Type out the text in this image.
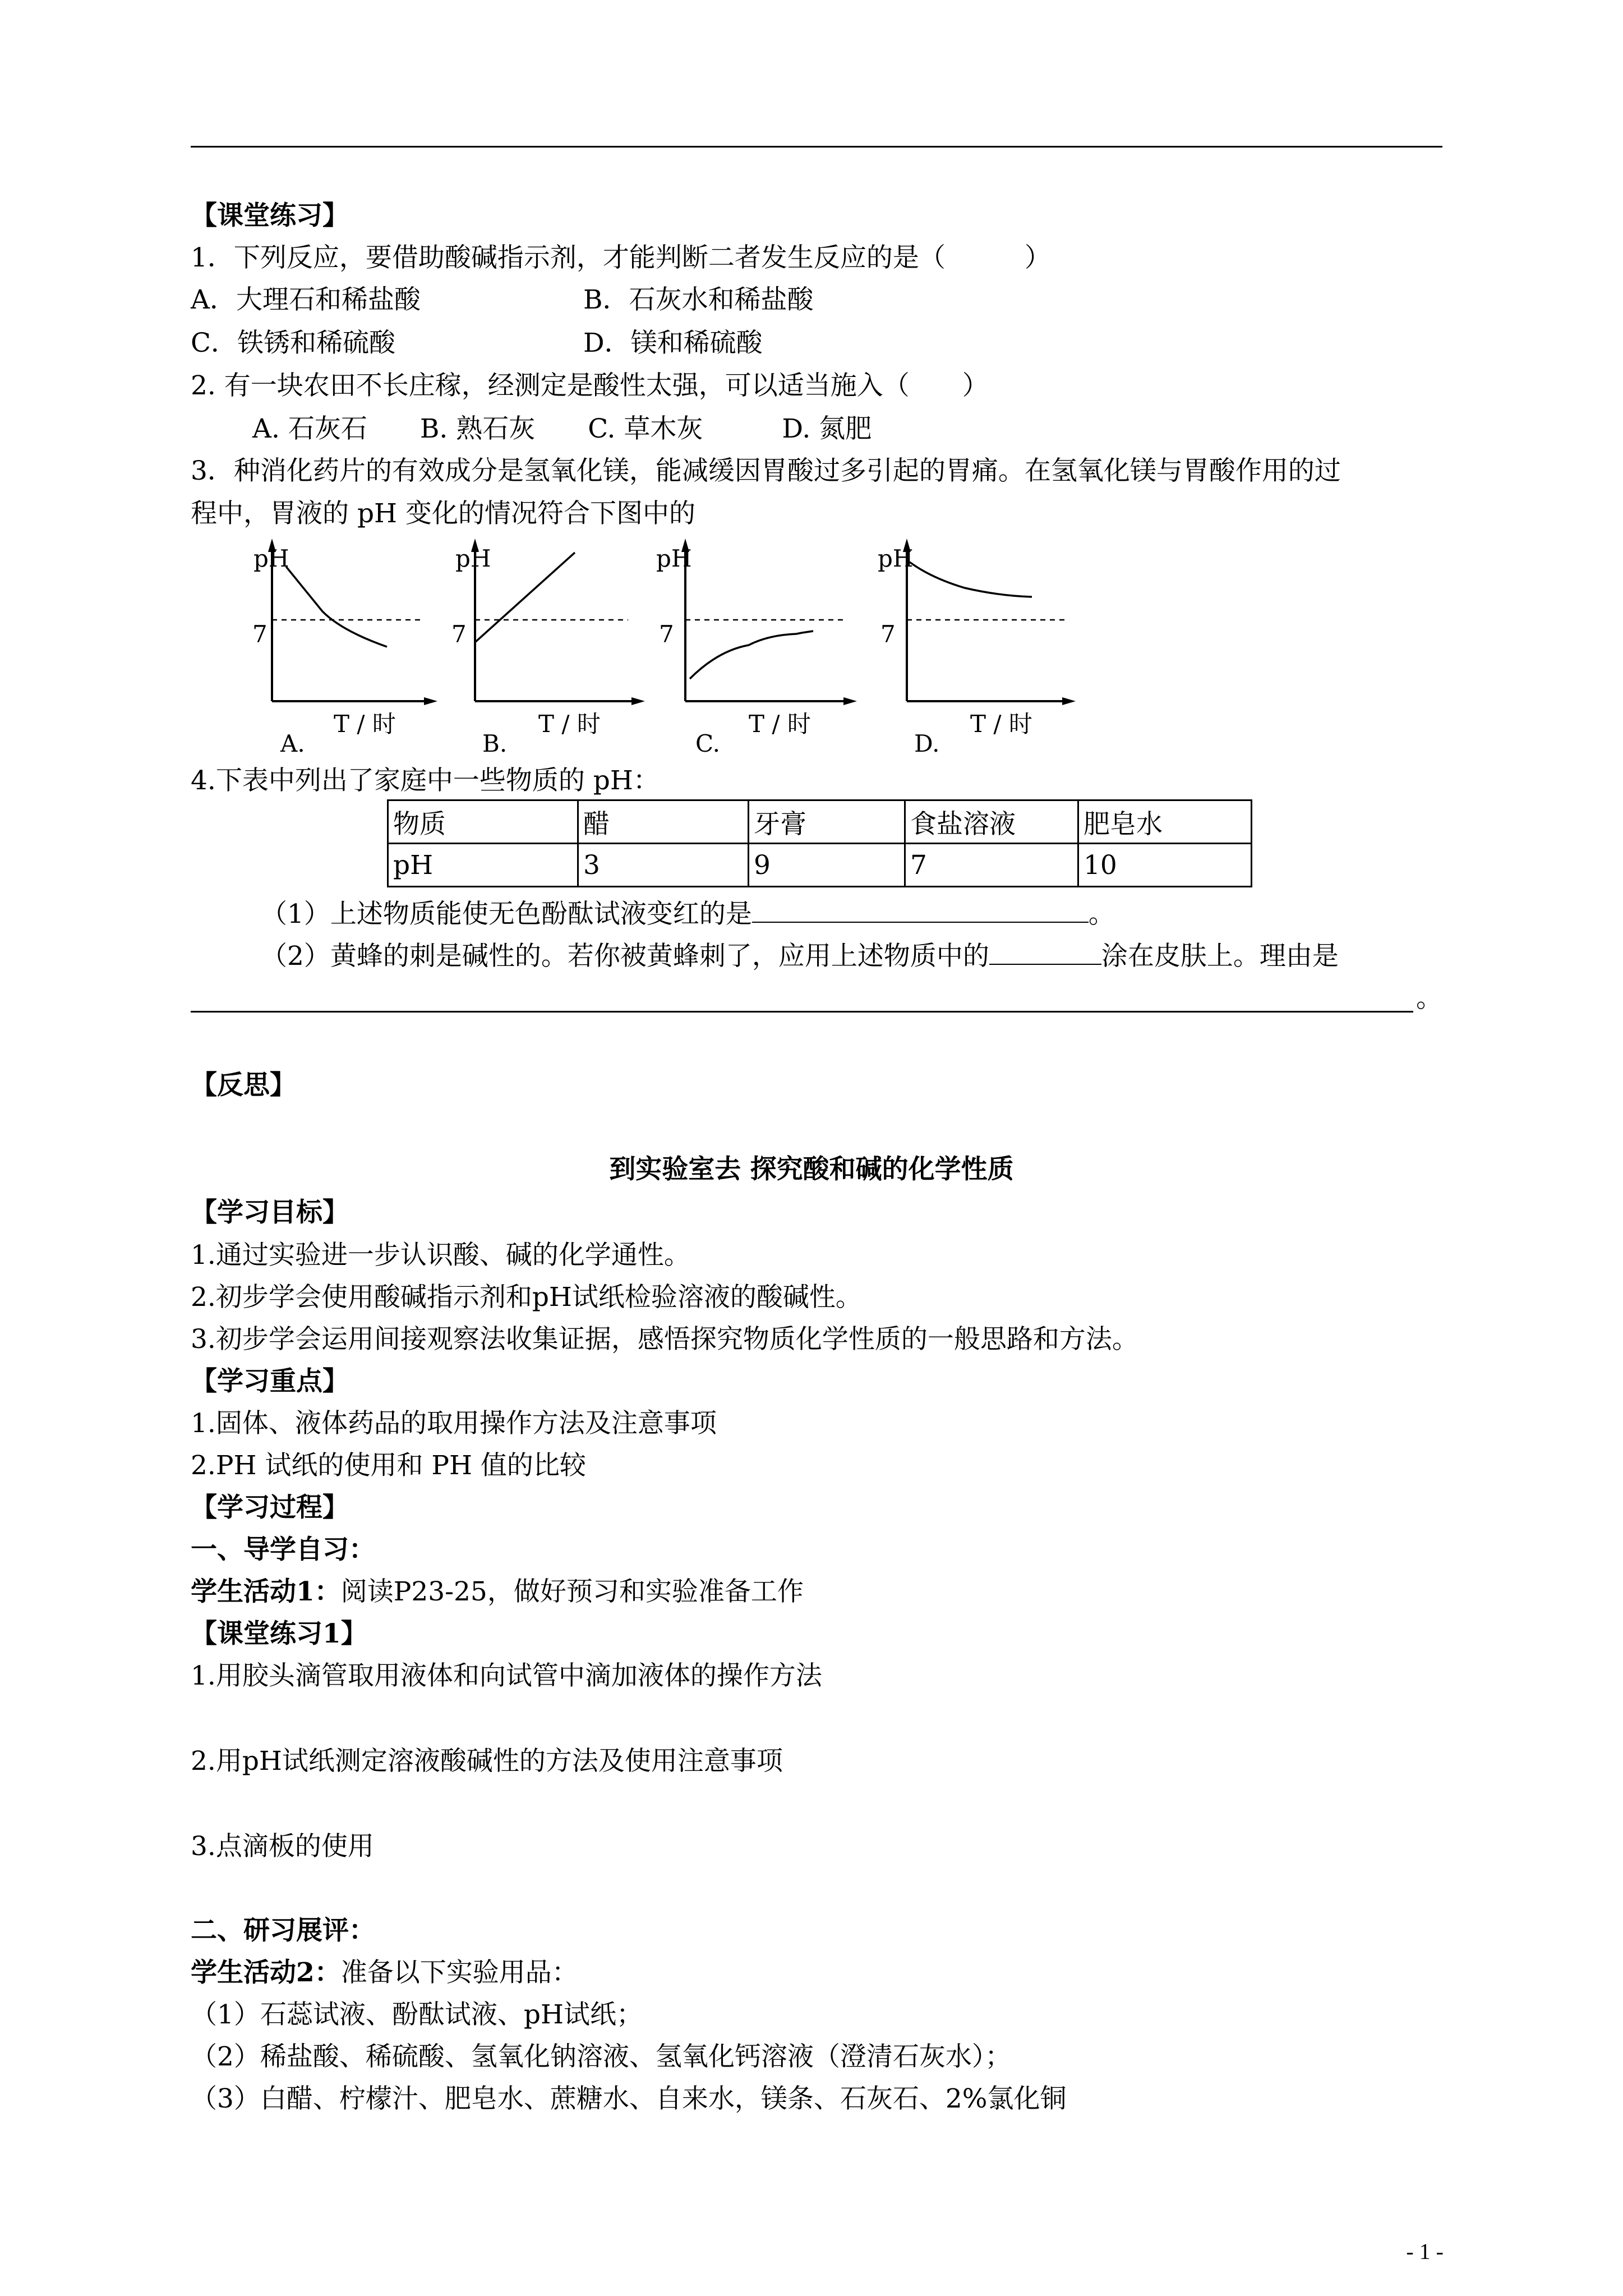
【课堂练习】
1．下列反应，要借助酸碱指示剂，才能判断二者发生反应的是（　　　）
A．大理石和稀盐酸	B．石灰水和稀盐酸
C．铁锈和稀硫酸	D．镁和稀硫酸
2. 有一块农田不长庄稼，经测定是酸性太强，可以适当施入（　　）
A. 石灰石　　B. 熟石灰　　C. 草木灰　　　D. 氮肥
3．种消化药片的有效成分是氢氧化镁，能减缓因胃酸过多引起的胃痛。在氢氧化镁与胃酸作用的过
程中，胃液的 pH 变化的情况符合下图中的
pH
7
T / 时
A.
pH
7
T / 时
B.
pH
7
T / 时
C.
pH
7
T / 时
D.
4.下表中列出了家庭中一些物质的 pH：
物质	醋	牙膏	食盐溶液	肥皂水
pH	3	9	7	10
（1）上述物质能使无色酚酞试液变红的是	。
（2）黄蜂的刺是碱性的。若你被黄蜂刺了，应用上述物质中的	涂在皮肤上。理由是
。
【反思】
到实验室去 探究酸和碱的化学性质
【学习目标】
1.通过实验进一步认识酸、碱的化学通性。
2.初步学会使用酸碱指示剂和pH试纸检验溶液的酸碱性。
3.初步学会运用间接观察法收集证据，感悟探究物质化学性质的一般思路和方法。
【学习重点】
1.固体、液体药品的取用操作方法及注意事项
2.PH 试纸的使用和 PH 值的比较
【学习过程】
一、导学自习：
学生活动1：阅读P23-25，做好预习和实验准备工作
【课堂练习1】
1.用胶头滴管取用液体和向试管中滴加液体的操作方法
2.用pH试纸测定溶液酸碱性的方法及使用注意事项
3.点滴板的使用
二、研习展评：
学生活动2：准备以下实验用品：
（1）石蕊试液、酚酞试液、pH试纸；
（2）稀盐酸、稀硫酸、氢氧化钠溶液、氢氧化钙溶液（澄清石灰水）；
（3）白醋、柠檬汁、肥皂水、蔗糖水、自来水，镁条、石灰石、2%氯化铜
- 1 -
